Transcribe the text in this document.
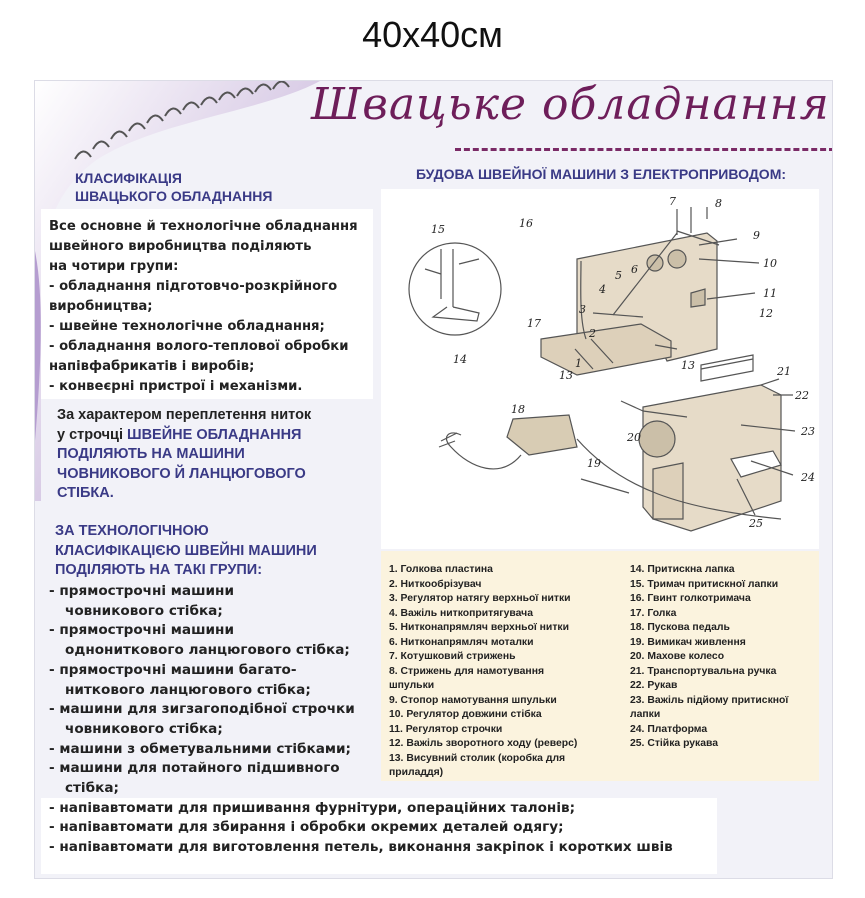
40x40см
Швацьке обладнання
КЛАСИФІКАЦІЯ
ШВАЦЬКОГО ОБЛАДНАННЯ
БУДОВА ШВЕЙНОЇ МАШИНИ З ЕЛЕКТРОПРИВОДОМ:
Все основне й технологічне обладнання
швейного виробництва поділяють
на чотири групи:
- обладнання підготовчо-розкрійного
виробництва;
- швейне технологічне обладнання;
- обладнання волого-теплової обробки
напівфабрикатів і виробів;
- конвеєрні пристрої і механізми.
За характером переплетення ниток
у строчці ШВЕЙНЕ ОБЛАДНАННЯ
ПОДІЛЯЮТЬ НА МАШИНИ
ЧОВНИКОВОГО Й ЛАНЦЮГОВОГО
СТІБКА.
ЗА ТЕХНОЛОГІЧНОЮ
КЛАСИФІКАЦІЄЮ ШВЕЙНІ МАШИНИ
ПОДІЛЯЮТЬ НА ТАКІ ГРУПИ:
- прямострочні машини
човникового стібка;
- прямострочні машини
однониткового ланцюгового стібка;
- прямострочні машини багато-
ниткового ланцюгового стібка;
- машини для зигзагоподібної строчки
човникового стібка;
- машини з обметувальними стібками;
- машини для потайного підшивного
стібка;
- напівавтомати для пришивання фурнітури, операційних талонів;
- напівавтомати для збирання і обробки окремих деталей одягу;
- напівавтомати для виготовлення петель, виконання закріпок і коротких швів
1
2
3
4
5 6
7	8
9
10
11
12
13
13
14
15	16
17
18
19
20
21
22
23
24
25
1. Голкова пластина
2. Ниткообрізувач
3. Регулятор натягу верхньої нитки
4. Важіль ниткопритягувача
5. Нитконапрямляч верхньої нитки
6. Нитконапрямляч моталки
7. Котушковий стрижень
8. Стрижень для намотування
шпульки
9. Стопор намотування шпульки
10. Регулятор довжини стібка
11. Регулятор строчки
12. Важіль зворотного ходу (реверс)
13. Висувний столик (коробка для
приладдя)
14. Притискна лапка
15. Тримач притискної лапки
16. Гвинт голкотримача
17. Голка
18. Пускова педаль
19. Вимикач живлення
20. Махове колесо
21. Транспортувальна ручка
22. Рукав
23. Важіль підйому притискної
лапки
24. Платформа
25. Стійка рукава
